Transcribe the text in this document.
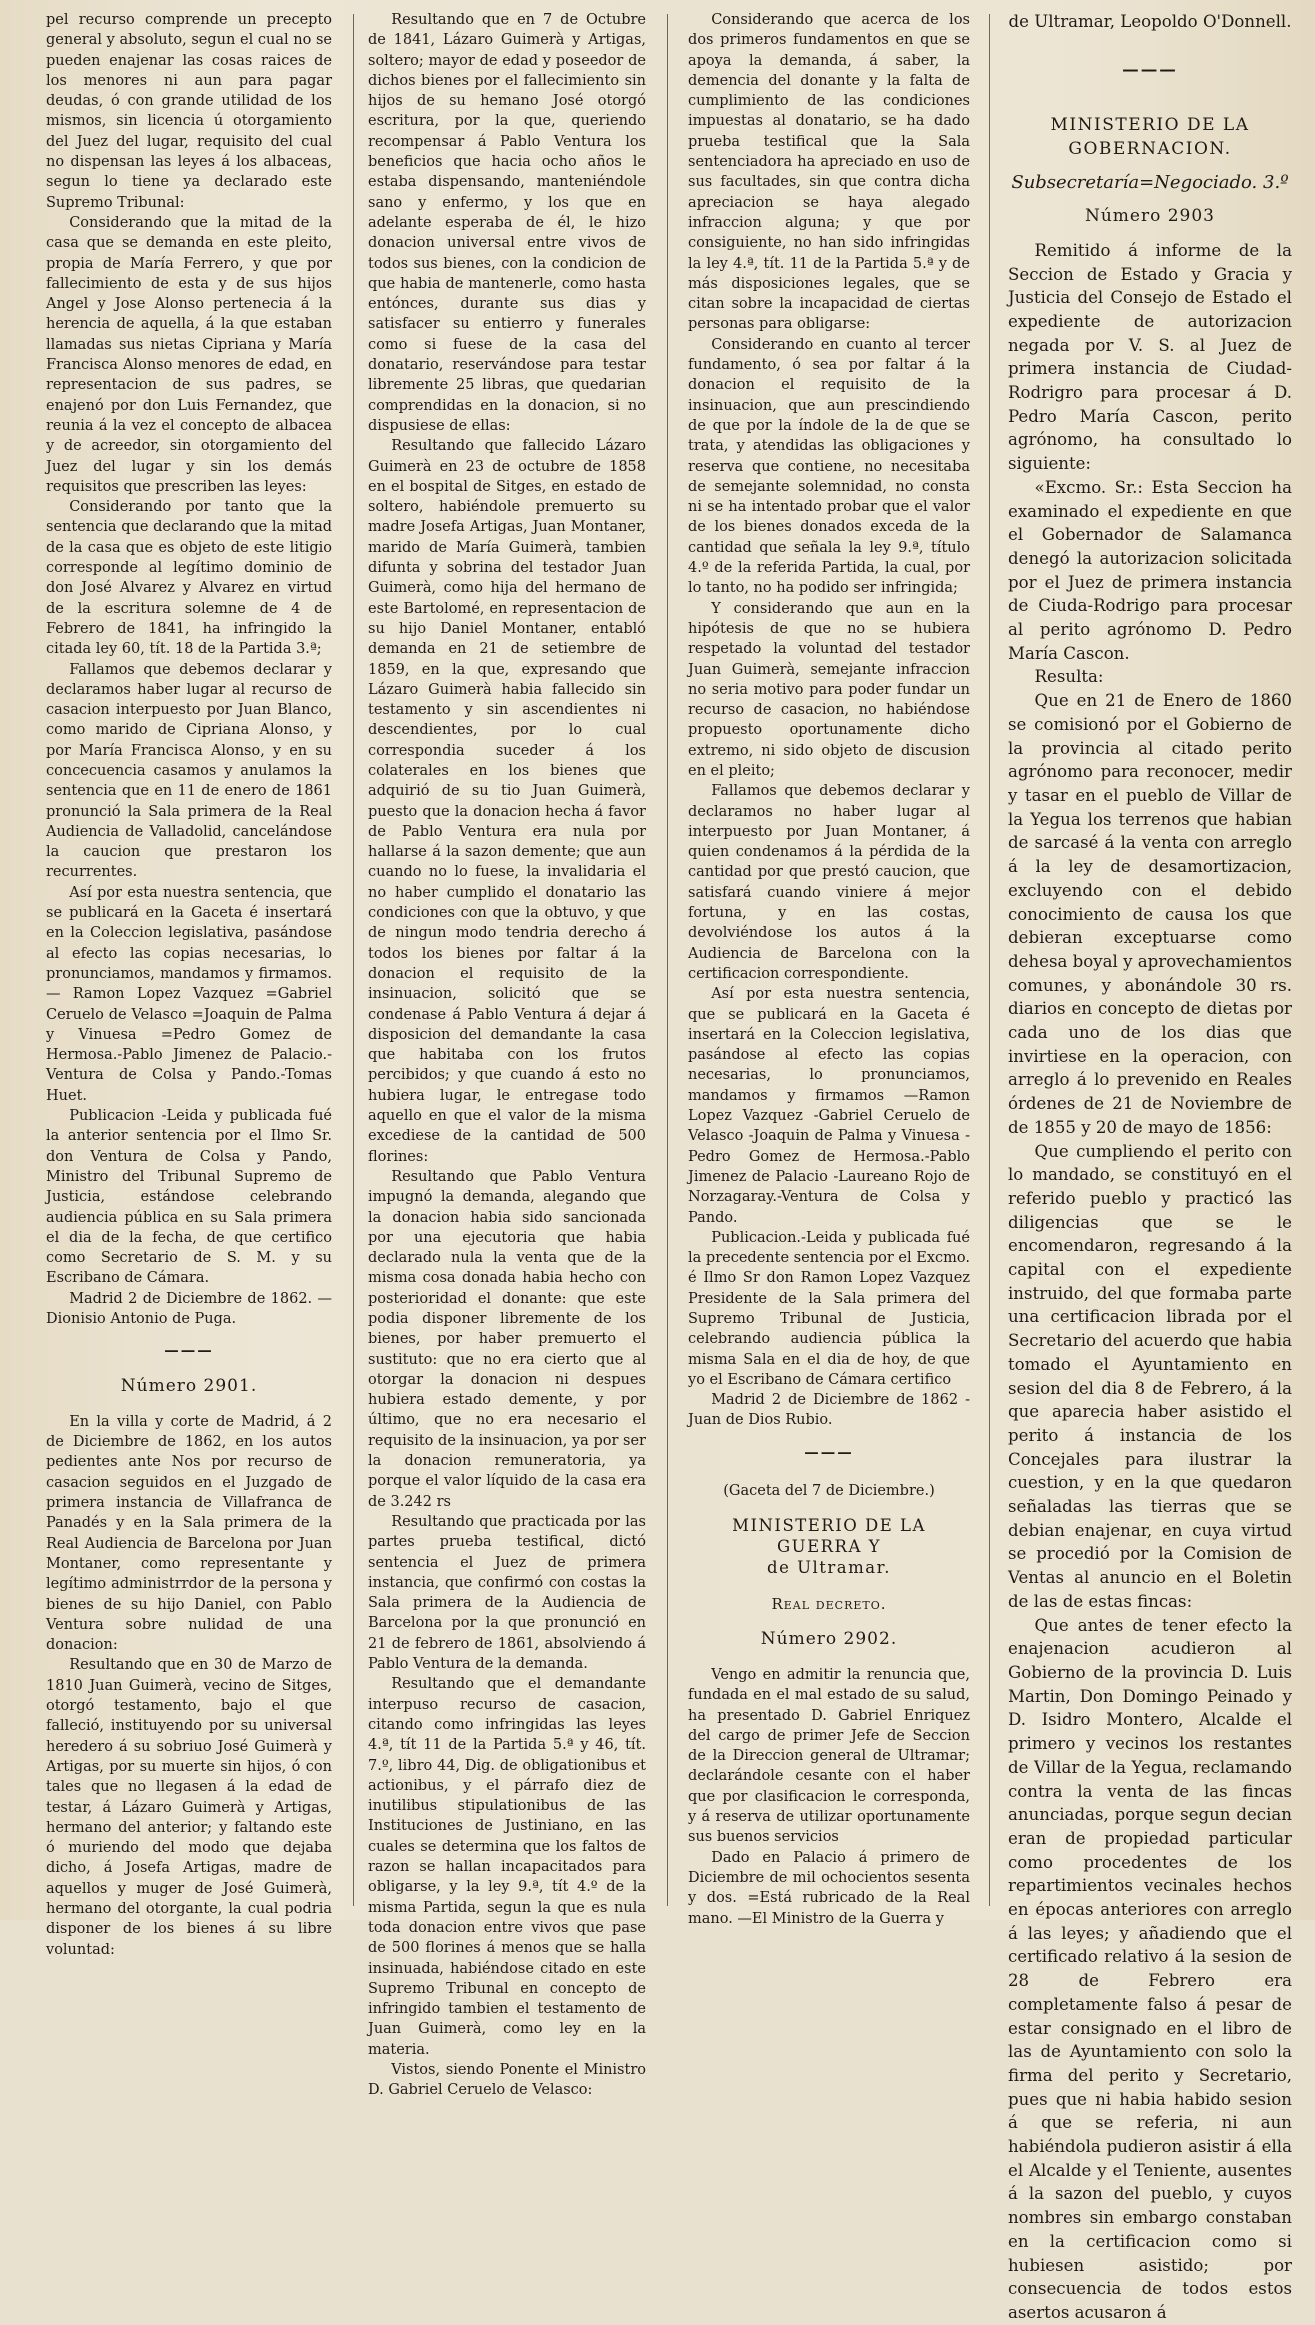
pel recurso comprende un precepto general y absoluto, segun el cual no se pueden enajenar las cosas raices de los menores ni aun para pagar deudas, ó con grande utilidad de los mismos, sin licencia ú otorgamiento del Juez del lugar, requisito del cual no dispensan las leyes á los albaceas, segun lo tiene ya declarado este Supremo Tribunal:

Considerando que la mitad de la casa que se demanda en este pleito, propia de María Ferrero, y que por fallecimiento de esta y de sus hijos Angel y Jose Alonso pertenecia á la herencia de aquella, á la que estaban llamadas sus nietas Cipriana y María Francisca Alonso menores de edad, en representacion de sus padres, se enajenó por don Luis Fernandez, que reunia á la vez el concepto de albacea y de acreedor, sin otorgamiento del Juez del lugar y sin los demás requisitos que prescriben las leyes:

Considerando por tanto que la sentencia que declarando que la mitad de la casa que es objeto de este litigio corresponde al legítimo dominio de don José Alvarez y Alvarez en virtud de la escritura solemne de 4 de Febrero de 1841, ha infringido la citada ley 60, tít. 18 de la Partida 3.ª;

Fallamos que debemos declarar y declaramos haber lugar al recurso de casacion interpuesto por Juan Blanco, como marido de Cipriana Alonso, y por María Francisca Alonso, y en su concecuencia casamos y anulamos la sentencia que en 11 de enero de 1861 pronunció la Sala primera de la Real Audiencia de Valladolid, cancelándose la caucion que prestaron los recurrentes.

Así por esta nuestra sentencia, que se publicará en la Gaceta é insertará en la Coleccion legislativa, pasándose al efecto las copias necesarias, lo pronunciamos, mandamos y firmamos.— Ramon Lopez Vazquez =Gabriel Ceruelo de Velasco =Joaquin de Palma y Vinuesa =Pedro Gomez de Hermosa.-Pablo Jimenez de Palacio.-Ventura de Colsa y Pando.-Tomas Huet.

Publicacion -Leida y publicada fué la anterior sentencia por el Ilmo Sr. don Ventura de Colsa y Pando, Ministro del Tribunal Supremo de Justicia, estándose celebrando audiencia pública en su Sala primera el dia de la fecha, de que certifico como Secretario de S. M. y su Escribano de Cámara.

Madrid 2 de Diciembre de 1862. —Dionisio Antonio de Puga.

———
Número 2901.

En la villa y corte de Madrid, á 2 de Diciembre de 1862, en los autos pedientes ante Nos por recurso de casacion seguidos en el Juzgado de primera instancia de Villafranca de Panadés y en la Sala primera de la Real Audiencia de Barcelona por Juan Montaner, como representante y legítimo administrrdor de la persona y bienes de su hijo Daniel, con Pablo Ventura sobre nulidad de una donacion:

Resultando que en 30 de Marzo de 1810 Juan Guimerà, vecino de Sitges, otorgó testamento, bajo el que falleció, instituyendo por su universal heredero á su sobriuo José Guimerà y Artigas, por su muerte sin hijos, ó con tales que no llegasen á la edad de testar, á Lázaro Guimerà y Artigas, hermano del anterior; y faltando este ó muriendo del modo que dejaba dicho, á Josefa Artigas, madre de aquellos y muger de José Guimerà, hermano del otorgante, la cual podria disponer de los bienes á su libre voluntad:

Resultando que en 7 de Octubre de 1841, Lázaro Guimerà y Artigas, soltero; mayor de edad y poseedor de dichos bienes por el fallecimiento sin hijos de su hemano José otorgó escritura, por la que, queriendo recompensar á Pablo Ventura los beneficios que hacia ocho años le estaba dispensando, manteniéndole sano y enfermo, y los que en adelante esperaba de él, le hizo donacion universal entre vivos de todos sus bienes, con la condicion de que habia de mantenerle, como hasta entónces, durante sus dias y satisfacer su entierro y funerales como si fuese de la casa del donatario, reservándose para testar libremente 25 libras, que quedarian comprendidas en la donacion, si no dispusiese de ellas:

Resultando que fallecido Lázaro Guimerà en 23 de octubre de 1858 en el bospital de Sitges, en estado de soltero, habiéndole premuerto su madre Josefa Artigas, Juan Montaner, marido de María Guimerà, tambien difunta y sobrina del testador Juan Guimerà, como hija del hermano de este Bartolomé, en representacion de su hijo Daniel Montaner, entabló demanda en 21 de setiembre de 1859, en la que, expresando que Lázaro Guimerà habia fallecido sin testamento y sin ascendientes ni descendientes, por lo cual correspondia suceder á los colaterales en los bienes que adquirió de su tio Juan Guimerà, puesto que la donacion hecha á favor de Pablo Ventura era nula por hallarse á la sazon demente; que aun cuando no lo fuese, la invalidaria el no haber cumplido el donatario las condiciones con que la obtuvo, y que de ningun modo tendria derecho á todos los bienes por faltar á la donacion el requisito de la insinuacion, solicitó que se condenase á Pablo Ventura á dejar á disposicion del demandante la casa que habitaba con los frutos percibidos; y que cuando á esto no hubiera lugar, le entregase todo aquello en que el valor de la misma excediese de la cantidad de 500 florines:

Resultando que Pablo Ventura impugnó la demanda, alegando que la donacion habia sido sancionada por una ejecutoria que habia declarado nula la venta que de la misma cosa donada habia hecho con posterioridad el donante: que este podia disponer libremente de los bienes, por haber premuerto el sustituto: que no era cierto que al otorgar la donacion ni despues hubiera estado demente, y por último, que no era necesario el requisito de la insinuacion, ya por ser la donacion remuneratoria, ya porque el valor líquido de la casa era de 3.242 rs

Resultando que practicada por las partes prueba testifical, dictó sentencia el Juez de primera instancia, que confirmó con costas la Sala primera de la Audiencia de Barcelona por la que pronunció en 21 de febrero de 1861, absolviendo á Pablo Ventura de la demanda.

Resultando que el demandante interpuso recurso de casacion, citando como infringidas las leyes 4.ª, tít 11 de la Partida 5.ª y 46, tít. 7.º, libro 44, Dig. de obligationibus et actionibus, y el párrafo diez de inutilibus stipulationibus de las Instituciones de Justiniano, en las cuales se determina que los faltos de razon se hallan incapacitados para obligarse, y la ley 9.ª, tít 4.º de la misma Partida, segun la que es nula toda donacion entre vivos que pase de 500 florines á menos que se halla insinuada, habiéndose citado en este Supremo Tribunal en concepto de infringido tambien el testamento de Juan Guimerà, como ley en la materia.

Vistos, siendo Ponente el Ministro D. Gabriel Ceruelo de Velasco:

Considerando que acerca de los dos primeros fundamentos en que se apoya la demanda, á saber, la demencia del donante y la falta de cumplimiento de las condiciones impuestas al donatario, se ha dado prueba testifical que la Sala sentenciadora ha apreciado en uso de sus facultades, sin que contra dicha apreciacion se haya alegado infraccion alguna; y que por consiguiente, no han sido infringidas la ley 4.ª, tít. 11 de la Partida 5.ª y de más disposiciones legales, que se citan sobre la incapacidad de ciertas personas para obligarse:

Considerando en cuanto al tercer fundamento, ó sea por faltar á la donacion el requisito de la insinuacion, que aun prescindiendo de que por la índole de la de que se trata, y atendidas las obligaciones y reserva que contiene, no necesitaba de semejante solemnidad, no consta ni se ha intentado probar que el valor de los bienes donados exceda de la cantidad que señala la ley 9.ª, título 4.º de la referida Partida, la cual, por lo tanto, no ha podido ser infringida;

Y considerando que aun en la hipótesis de que no se hubiera respetado la voluntad del testador Juan Guimerà, semejante infraccion no seria motivo para poder fundar un recurso de casacion, no habiéndose propuesto oportunamente dicho extremo, ni sido objeto de discusion en el pleito;

Fallamos que debemos declarar y declaramos no haber lugar al interpuesto por Juan Montaner, á quien condenamos á la pérdida de la cantidad por que prestó caucion, que satisfará cuando viniere á mejor fortuna, y en las costas, devolviéndose los autos á la Audiencia de Barcelona con la certificacion correspondiente.

Así por esta nuestra sentencia, que se publicará en la Gaceta é insertará en la Coleccion legislativa, pasándose al efecto las copias necesarias, lo pronunciamos, mandamos y firmamos —Ramon Lopez Vazquez -Gabriel Ceruelo de Velasco -Joaquin de Palma y Vinuesa -Pedro Gomez de Hermosa.-Pablo Jimenez de Palacio -Laureano Rojo de Norzagaray.-Ventura de Colsa y Pando.

Publicacion.-Leida y publicada fué la precedente sentencia por el Excmo. é Ilmo Sr don Ramon Lopez Vazquez Presidente de la Sala primera del Supremo Tribunal de Justicia, celebrando audiencia pública la misma Sala en el dia de hoy, de que yo el Escribano de Cámara certifico

Madrid 2 de Diciembre de 1862 - Juan de Dios Rubio.

———
(Gaceta del 7 de Diciembre.)
MINISTERIO DE LA GUERRA Y
de Ultramar.
Real decreto.
Número 2902.

Vengo en admitir la renuncia que, fundada en el mal estado de su salud, ha presentado D. Gabriel Enriquez del cargo de primer Jefe de Seccion de la Direccion general de Ultramar; declarándole cesante con el haber que por clasificacion le corresponda, y á reserva de utilizar oportunamente sus buenos servicios

Dado en Palacio á primero de Diciembre de mil ochocientos sesenta y dos. =Está rubricado de la Real mano. —El Ministro de la Guerra y

de Ultramar, Leopoldo O'Donnell.
———
MINISTERIO DE LA GOBERNACION.
Subsecretaría=Negociado. 3.º
Número 2903

Remitido á informe de la Seccion de Estado y Gracia y Justicia del Consejo de Estado el expediente de autorizacion negada por V. S. al Juez de primera instancia de Ciudad-Rodrigro para procesar á D. Pedro María Cascon, perito agrónomo, ha consultado lo siguiente:

«Excmo. Sr.: Esta Seccion ha examinado el expediente en que el Gobernador de Salamanca denegó la autorizacion solicitada por el Juez de primera instancia de Ciuda-Rodrigo para procesar al perito agrónomo D. Pedro María Cascon.

Resulta:

Que en 21 de Enero de 1860 se comisionó por el Gobierno de la provincia al citado perito agrónomo para reconocer, medir y tasar en el pueblo de Villar de la Yegua los terrenos que habian de sarcasé á la venta con arreglo á la ley de desamortizacion, excluyendo con el debido conocimiento de causa los que debieran exceptuarse como dehesa boyal y aprovechamientos comunes, y abonándole 30 rs. diarios en concepto de dietas por cada uno de los dias que invirtiese en la operacion, con arreglo á lo prevenido en Reales órdenes de 21 de Noviembre de de 1855 y 20 de mayo de 1856:

Que cumpliendo el perito con lo mandado, se constituyó en el referido pueblo y practicó las diligencias que se le encomendaron, regresando á la capital con el expediente instruido, del que formaba parte una certificacion librada por el Secretario del acuerdo que habia tomado el Ayuntamiento en sesion del dia 8 de Febrero, á la que aparecia haber asistido el perito á instancia de los Concejales para ilustrar la cuestion, y en la que quedaron señaladas las tierras que se debian enajenar, en cuya virtud se procedió por la Comision de Ventas al anuncio en el Boletin de las de estas fincas:

Que antes de tener efecto la enajenacion acudieron al Gobierno de la provincia D. Luis Martin, Don Domingo Peinado y D. Isidro Montero, Alcalde el primero y vecinos los restantes de Villar de la Yegua, reclamando contra la venta de las fincas anunciadas, porque segun decian eran de propiedad particular como procedentes de los repartimientos vecinales hechos en épocas anteriores con arreglo á las leyes; y añadiendo que el certificado relativo á la sesion de 28 de Febrero era completamente falso á pesar de estar consignado en el libro de las de Ayuntamiento con solo la firma del perito y Secretario, pues que ni habia habido sesion á que se referia, ni aun habiéndola pudieron asistir á ella el Alcalde y el Teniente, ausentes á la sazon del pueblo, y cuyos nombres sin embargo constaban en la certificacion como si hubiesen asistido; por consecuencia de todos estos asertos acusaron á
